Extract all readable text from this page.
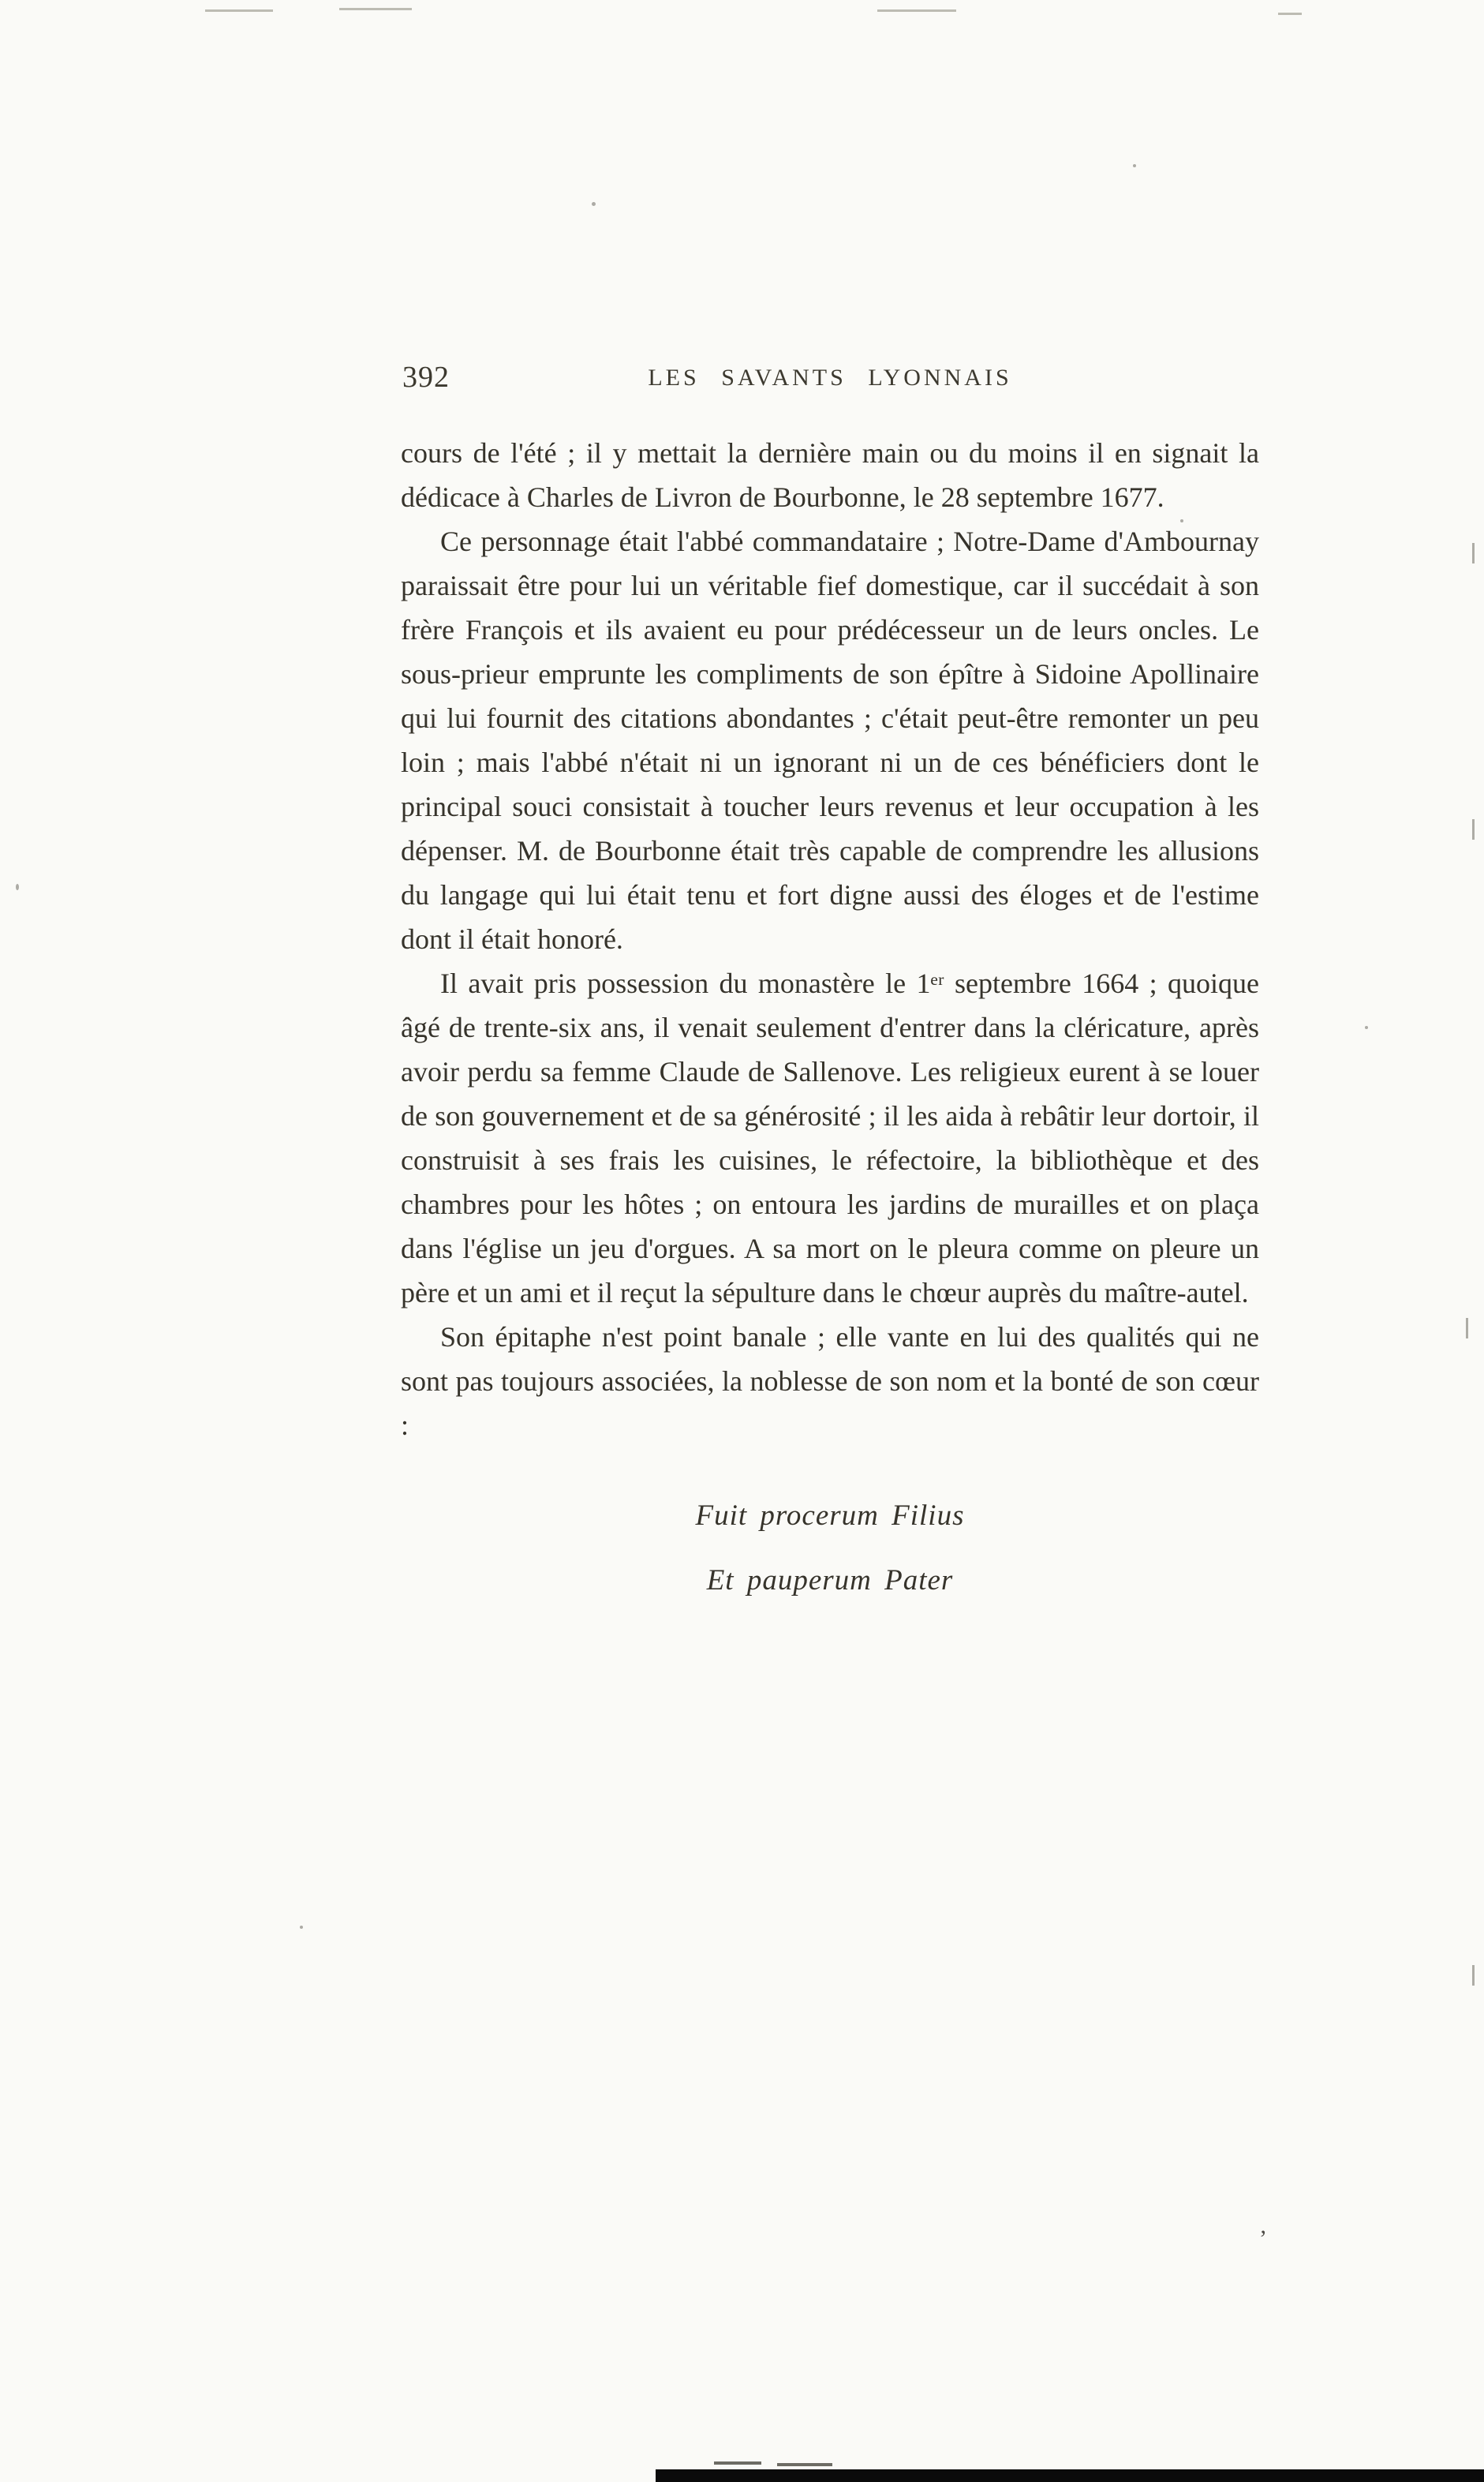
392	LES SAVANTS LYONNAIS

cours de l'été ; il y mettait la dernière main ou du moins il en signait la dédicace à Charles de Livron de Bourbonne, le 28 septembre 1677.

Ce personnage était l'abbé commandataire ; Notre-Dame d'Ambournay paraissait être pour lui un véritable fief domestique, car il succédait à son frère François et ils avaient eu pour prédécesseur un de leurs oncles. Le sous-prieur emprunte les compliments de son épître à Sidoine Apollinaire qui lui fournit des citations abondantes ; c'était peut-être remonter un peu loin ; mais l'abbé n'était ni un ignorant ni un de ces bénéficiers dont le principal souci consistait à toucher leurs revenus et leur occupation à les dépenser. M. de Bourbonne était très capable de comprendre les allusions du langage qui lui était tenu et fort digne aussi des éloges et de l'estime dont il était honoré.

Il avait pris possession du monastère le 1ᵉʳ septembre 1664 ; quoique âgé de trente-six ans, il venait seulement d'entrer dans la cléricature, après avoir perdu sa femme Claude de Sallenove. Les religieux eurent à se louer de son gouvernement et de sa générosité ; il les aida à rebâtir leur dortoir, il construisit à ses frais les cuisines, le réfectoire, la bibliothèque et des chambres pour les hôtes ; on entoura les jardins de murailles et on plaça dans l'église un jeu d'orgues. A sa mort on le pleura comme on pleure un père et un ami et il reçut la sépulture dans le chœur auprès du maître-autel.

Son épitaphe n'est point banale ; elle vante en lui des qualités qui ne sont pas toujours associées, la noblesse de son nom et la bonté de son cœur :

Fuit procerum Filius
Et pauperum Pater
’
